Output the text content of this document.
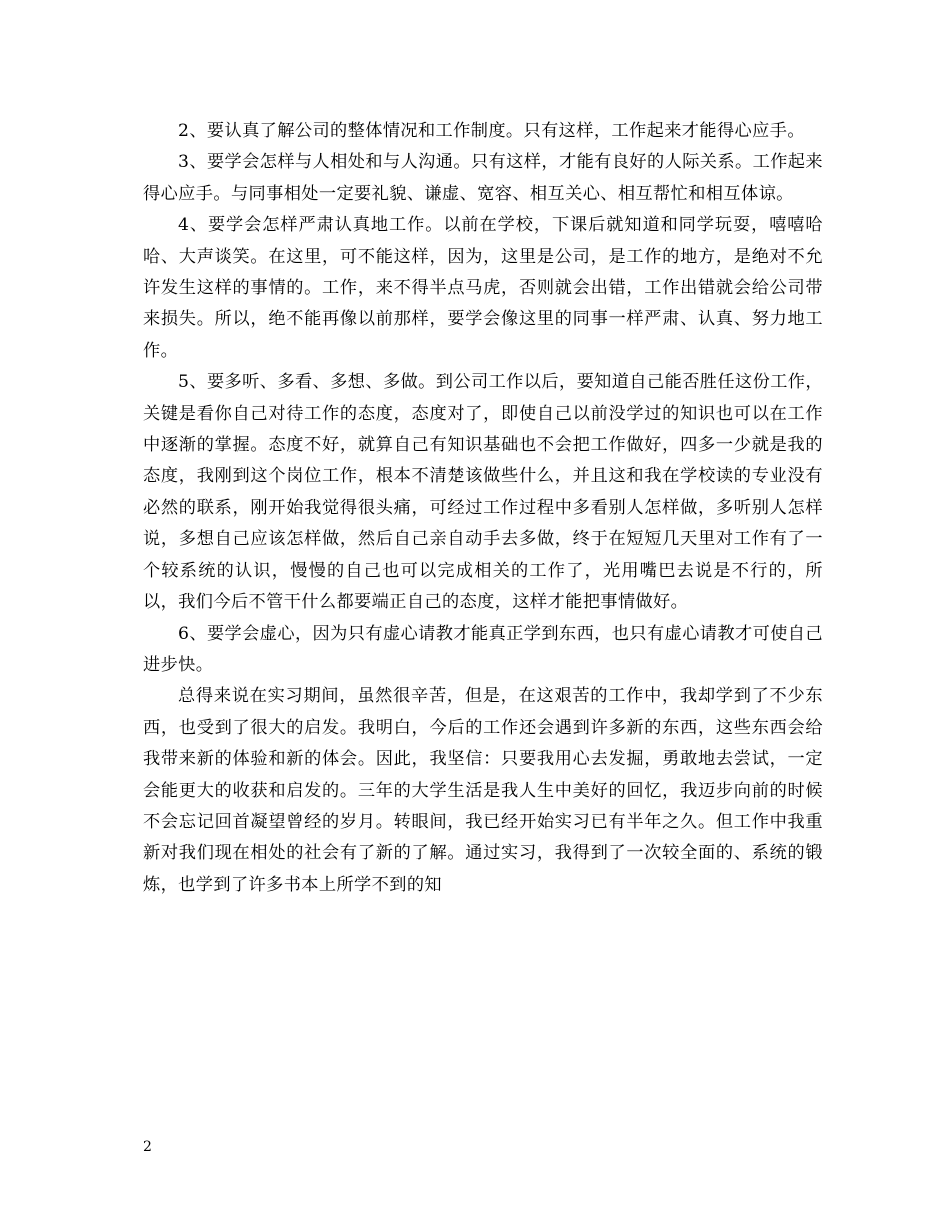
2、要认真了解公司的整体情况和工作制度。只有这样，工作起来才能得心应手。

3、要学会怎样与人相处和与人沟通。只有这样，才能有良好的人际关系。工作起来得心应手。与同事相处一定要礼貌、谦虚、宽容、相互关心、相互帮忙和相互体谅。

4、要学会怎样严肃认真地工作。以前在学校，下课后就知道和同学玩耍，嘻嘻哈哈、大声谈笑。在这里，可不能这样，因为，这里是公司，是工作的地方，是绝对不允许发生这样的事情的。工作，来不得半点马虎，否则就会出错，工作出错就会给公司带来损失。所以，绝不能再像以前那样，要学会像这里的同事一样严肃、认真、努力地工作。

5、要多听、多看、多想、多做。到公司工作以后，要知道自己能否胜任这份工作，关键是看你自己对待工作的态度，态度对了，即使自己以前没学过的知识也可以在工作中逐渐的掌握。态度不好，就算自己有知识基础也不会把工作做好，四多一少就是我的态度，我刚到这个岗位工作，根本不清楚该做些什么，并且这和我在学校读的专业没有必然的联系，刚开始我觉得很头痛，可经过工作过程中多看别人怎样做，多听别人怎样说，多想自己应该怎样做，然后自己亲自动手去多做，终于在短短几天里对工作有了一个较系统的认识，慢慢的自己也可以完成相关的工作了，光用嘴巴去说是不行的，所以，我们今后不管干什么都要端正自己的态度，这样才能把事情做好。

6、要学会虚心，因为只有虚心请教才能真正学到东西，也只有虚心请教才可使自己进步快。

总得来说在实习期间，虽然很辛苦，但是，在这艰苦的工作中，我却学到了不少东西，也受到了很大的启发。我明白，今后的工作还会遇到许多新的东西，这些东西会给我带来新的体验和新的体会。因此，我坚信：只要我用心去发掘，勇敢地去尝试，一定会能更大的收获和启发的。三年的大学生活是我人生中美好的回忆，我迈步向前的时候不会忘记回首凝望曾经的岁月。转眼间，我已经开始实习已有半年之久。但工作中我重新对我们现在相处的社会有了新的了解。通过实习，我得到了一次较全面的、系统的锻炼，也学到了许多书本上所学不到的知

2
